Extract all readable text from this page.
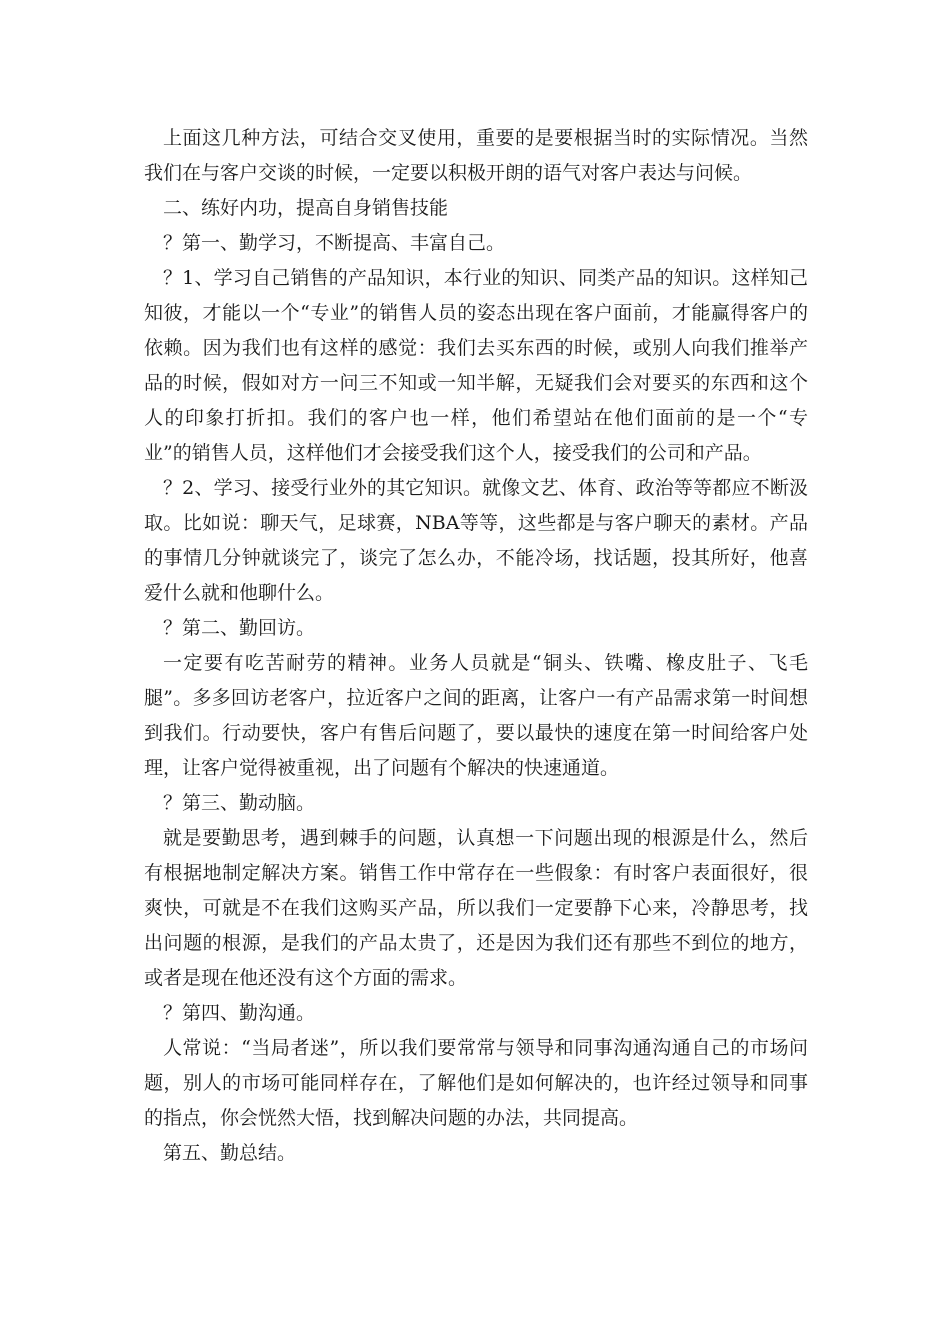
上面这几种方法，可结合交叉使用，重要的是要根据当时的实际情况。当然我们在与客户交谈的时候，一定要以积极开朗的语气对客户表达与问候。

二、练好内功，提高自身销售技能

？第一、勤学习，不断提高、丰富自己。

？1、学习自己销售的产品知识，本行业的知识、同类产品的知识。这样知己知彼，才能以一个“专业”的销售人员的姿态出现在客户面前，才能赢得客户的依赖。因为我们也有这样的感觉：我们去买东西的时候，或别人向我们推举产品的时候，假如对方一问三不知或一知半解，无疑我们会对要买的东西和这个人的印象打折扣。我们的客户也一样，他们希望站在他们面前的是一个“专业”的销售人员，这样他们才会接受我们这个人，接受我们的公司和产品。

？2、学习、接受行业外的其它知识。就像文艺、体育、政治等等都应不断汲取。比如说：聊天气，足球赛，NBA等等，这些都是与客户聊天的素材。产品的事情几分钟就谈完了，谈完了怎么办，不能冷场，找话题，投其所好，他喜爱什么就和他聊什么。

？第二、勤回访。

一定要有吃苦耐劳的精神。业务人员就是“铜头、铁嘴、橡皮肚子、飞毛腿”。多多回访老客户，拉近客户之间的距离，让客户一有产品需求第一时间想到我们。行动要快，客户有售后问题了，要以最快的速度在第一时间给客户处理，让客户觉得被重视，出了问题有个解决的快速通道。

？第三、勤动脑。

就是要勤思考，遇到棘手的问题，认真想一下问题出现的根源是什么，然后有根据地制定解决方案。销售工作中常存在一些假象：有时客户表面很好，很爽快，可就是不在我们这购买产品，所以我们一定要静下心来，冷静思考，找出问题的根源，是我们的产品太贵了，还是因为我们还有那些不到位的地方，或者是现在他还没有这个方面的需求。

？第四、勤沟通。

人常说：“当局者迷”，所以我们要常常与领导和同事沟通沟通自己的市场问题，别人的市场可能同样存在，了解他们是如何解决的，也许经过领导和同事的指点，你会恍然大悟，找到解决问题的办法，共同提高。

第五、勤总结。
